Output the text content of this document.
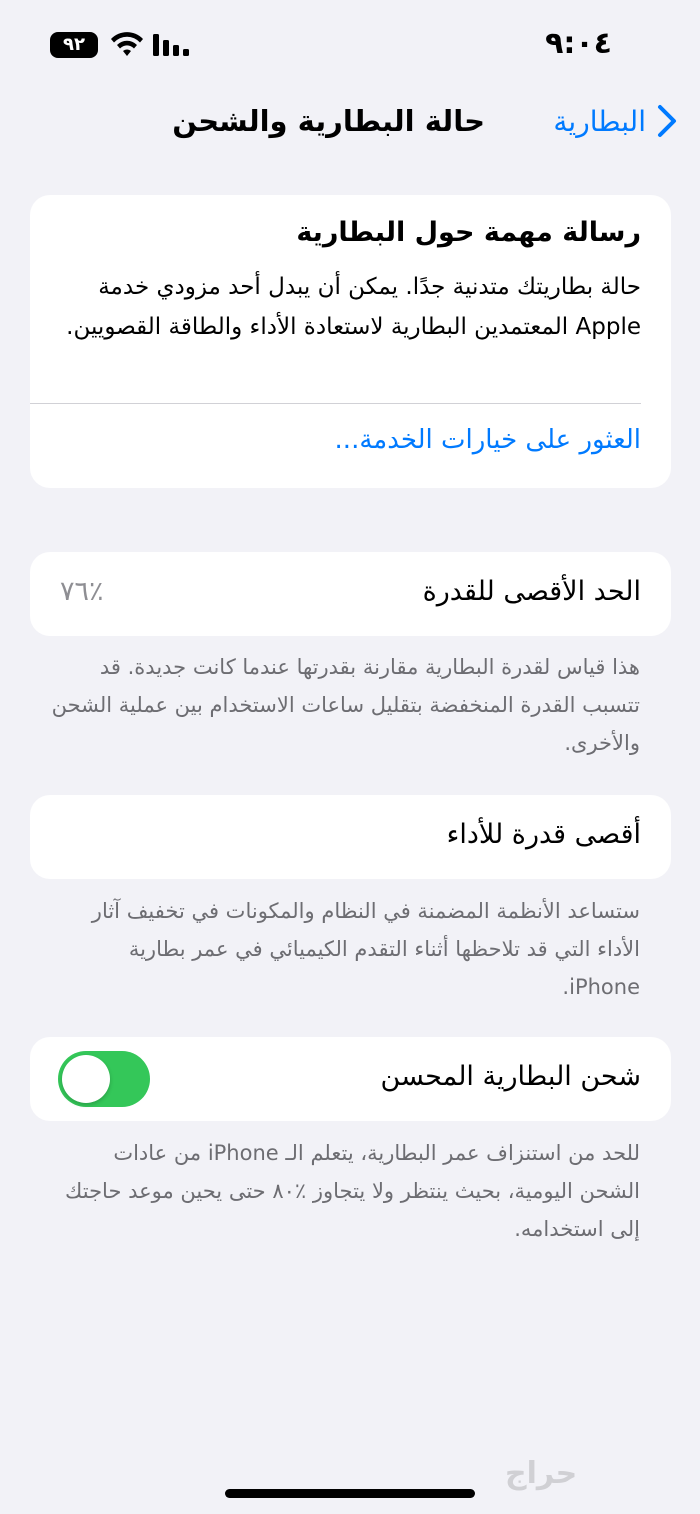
٩٢	٩:٠٤
البطارية
حالة البطارية والشحن
رسالة مهمة حول البطارية
حالة بطاريتك متدنية جدًا. يمكن أن يبدل أحد مزودي خدمة Apple المعتمدين البطارية لاستعادة الأداء والطاقة القصويين.
العثور على خيارات الخدمة...
الحد الأقصى للقدرة
٪٧٦
هذا قياس لقدرة البطارية مقارنة بقدرتها عندما كانت جديدة. قد تتسبب القدرة المنخفضة بتقليل ساعات الاستخدام بين عملية الشحن والأخرى.
أقصى قدرة للأداء
ستساعد الأنظمة المضمنة في النظام والمكونات في تخفيف آثار الأداء التي قد تلاحظها أثناء التقدم الكيميائي في عمر بطارية iPhone.
شحن البطارية المحسن
للحد من استنزاف عمر البطارية، يتعلم الـ iPhone من عادات الشحن اليومية، بحيث ينتظر ولا يتجاوز ٪٨٠ حتى يحين موعد حاجتك إلى استخدامه.
حراج
